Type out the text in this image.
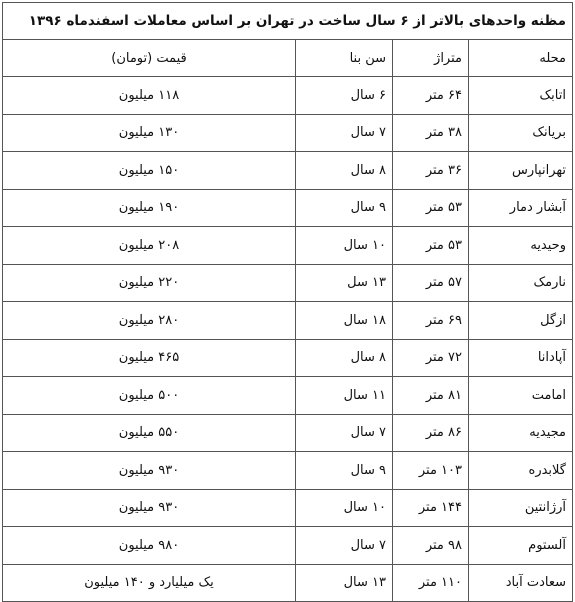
مظنه واحدهای بالاتر از ۶ سال ساخت در تهران بر اساس معاملات اسفندماه ۱۳۹۶			
محله	متراژ	سن بنا	قیمت (تومان)
اتابک	۶۴ متر	۶ سال	۱۱۸ میلیون
بریانک	۳۸ متر	۷ سال	۱۳۰ میلیون
تهرانپارس	۳۶ متر	۸ سال	۱۵۰ میلیون
آبشار دمار	۵۳ متر	۹ سال	۱۹۰ میلیون
وحیدیه	۵۳ متر	۱۰ سال	۲۰۸ میلیون
نارمک	۵۷ متر	۱۳ سل	۲۲۰ میلیون
ازگل	۶۹ متر	۱۸ سال	۲۸۰ میلیون
آپادانا	۷۲ متر	۸ سال	۴۶۵ میلیون
امامت	۸۱ متر	۱۱ سال	۵۰۰ میلیون
مجیدیه	۸۶ متر	۷ سال	۵۵۰ میلیون
گلابدره	۱۰۳ متر	۹ سال	۹۳۰ میلیون
آرژانتین	۱۴۴ متر	۱۰ سال	۹۳۰ میلیون
آلستوم	۹۸ متر	۷ سال	۹۸۰ میلیون
سعادت آباد	۱۱۰ متر	۱۳ سال	یک میلیارد و ۱۴۰ میلیون
